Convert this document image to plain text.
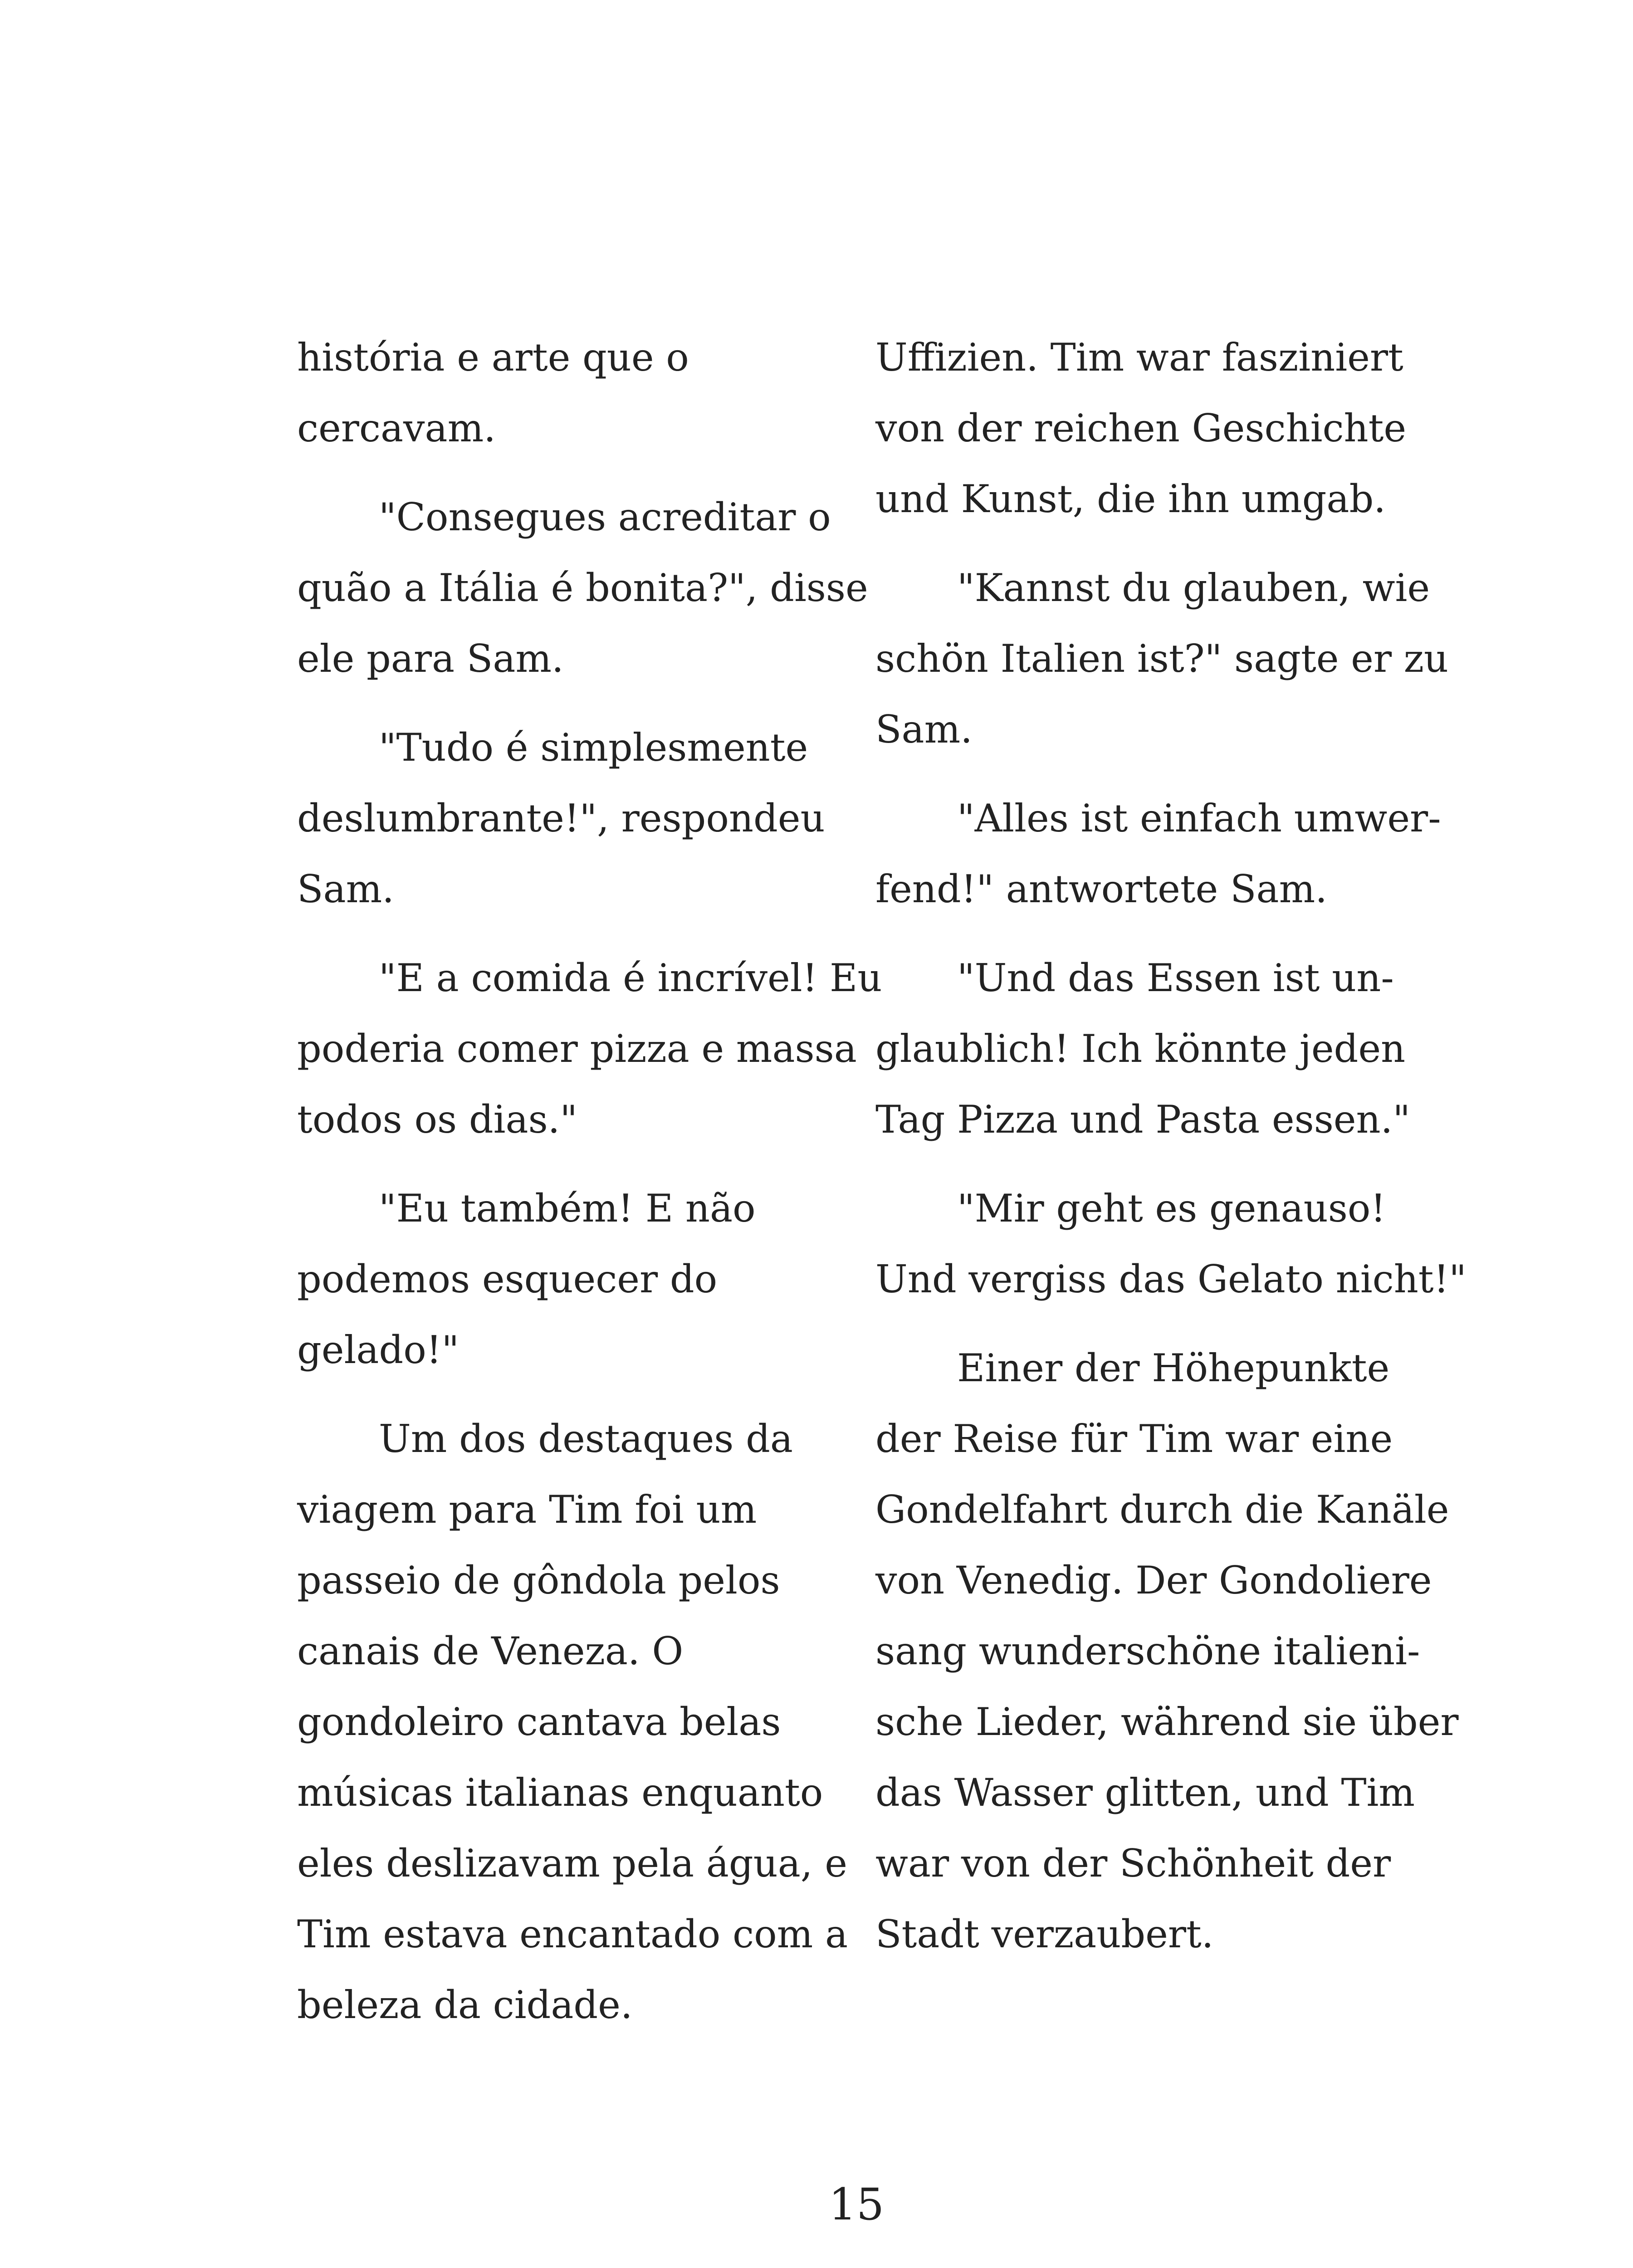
história e arte que o
cercavam.
"Consegues acreditar o
quão a Itália é bonita?", disse
ele para Sam.
"Tudo é simplesmente
deslumbrante!", respondeu
Sam.
"E a comida é incrível! Eu
poderia comer pizza e massa
todos os dias."
"Eu também! E não
podemos esquecer do
gelado!"
Um dos destaques da
viagem para Tim foi um
passeio de gôndola pelos
canais de Veneza. O
gondoleiro cantava belas
músicas italianas enquanto
eles deslizavam pela água, e
Tim estava encantado com a
beleza da cidade.
Uffizien. Tim war fasziniert
von der reichen Geschichte
und Kunst, die ihn umgab.
"Kannst du glauben, wie
schön Italien ist?" sagte er zu
Sam.
"Alles ist einfach umwer-
fend!" antwortete Sam.
"Und das Essen ist un-
glaublich! Ich könnte jeden
Tag Pizza und Pasta essen."
"Mir geht es genauso!
Und vergiss das Gelato nicht!"
Einer der Höhepunkte
der Reise für Tim war eine
Gondelfahrt durch die Kanäle
von Venedig. Der Gondoliere
sang wunderschöne italieni-
sche Lieder, während sie über
das Wasser glitten, und Tim
war von der Schönheit der
Stadt verzaubert.
15
